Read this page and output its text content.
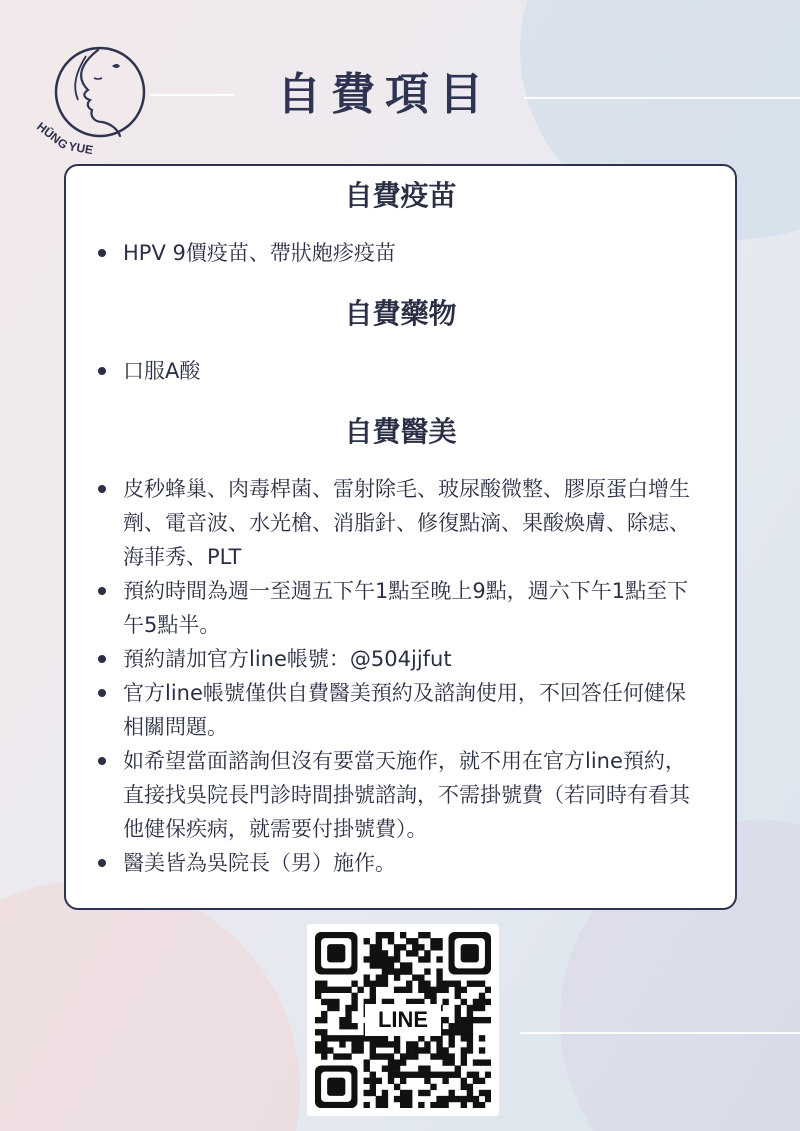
HŪNG
YUE
自費項目
自費疫苗
HPV 9價疫苗、帶狀皰疹疫苗
自費藥物
口服A酸
自費醫美
皮秒蜂巢、肉毒桿菌、雷射除毛、玻尿酸微整、膠原蛋白增生劑、電音波、水光槍、消脂針、修復點滴、果酸煥膚、除痣、海菲秀、PLT
預約時間為週一至週五下午1點至晚上9點，週六下午1點至下午5點半。
預約請加官方line帳號：@504jjfut
官方line帳號僅供自費醫美預約及諮詢使用，不回答任何健保相關問題。
如希望當面諮詢但沒有要當天施作，就不用在官方line預約，直接找吳院長門診時間掛號諮詢，不需掛號費（若同時有看其他健保疾病，就需要付掛號費）。
醫美皆為吳院長（男）施作。
LINE
